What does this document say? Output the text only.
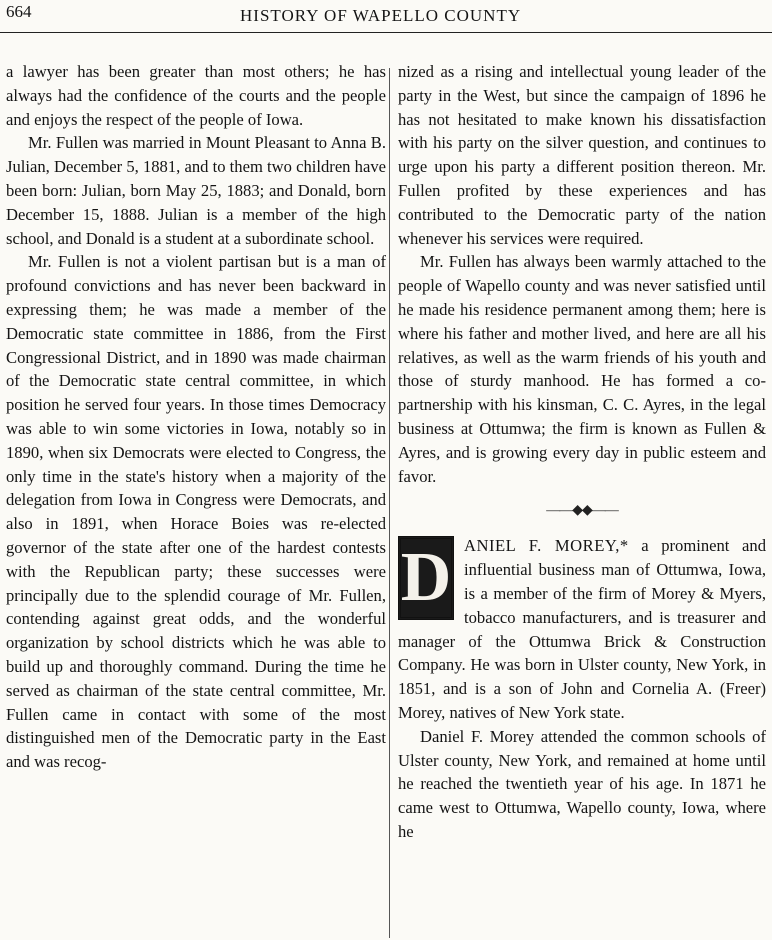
664	HISTORY OF WAPELLO COUNTY

a lawyer has been greater than most others; he has always had the confidence of the courts and the people and enjoys the respect of the people of Iowa.

Mr. Fullen was married in Mount Pleasant to Anna B. Julian, December 5, 1881, and to them two children have been born: Julian, born May 25, 1883; and Donald, born December 15, 1888. Julian is a member of the high school, and Donald is a student at a subordinate school.

Mr. Fullen is not a violent partisan but is a man of profound convictions and has never been backward in expressing them; he was made a member of the Democratic state committee in 1886, from the First Congressional District, and in 1890 was made chairman of the Democratic state central committee, in which position he served four years. In those times Democracy was able to win some victories in Iowa, notably so in 1890, when six Democrats were elected to Congress, the only time in the state's history when a majority of the delegation from Iowa in Congress were Democrats, and also in 1891, when Horace Boies was re-elected governor of the state after one of the hardest contests with the Republican party; these successes were principally due to the splendid courage of Mr. Fullen, contending against great odds, and the wonderful organization by school districts which he was able to build up and thoroughly command. During the time he served as chairman of the state central committee, Mr. Fullen came in contact with some of the most distinguished men of the Democratic party in the East and was recog-

nized as a rising and intellectual young leader of the party in the West, but since the campaign of 1896 he has not hesitated to make known his dissatisfaction with his party on the silver question, and continues to urge upon his party a different position thereon. Mr. Fullen profited by these experiences and has contributed to the Democratic party of the nation whenever his services were required.

Mr. Fullen has always been warmly attached to the people of Wapello county and was never satisfied until he made his residence permanent among them; here is where his father and mother lived, and here are all his relatives, as well as the warm friends of his youth and those of sturdy manhood. He has formed a co-partnership with his kinsman, C. C. Ayres, in the legal business at Ottumwa; the firm is known as Fullen & Ayres, and is growing every day in public esteem and favor.

——◆◆——

D ANIEL F. MOREY,* a prominent and influential business man of Ottumwa, Iowa, is a member of the firm of Morey & Myers, tobacco manufacturers, and is treasurer and manager of the Ottumwa Brick & Construction Company. He was born in Ulster county, New York, in 1851, and is a son of John and Cornelia A. (Freer) Morey, natives of New York state.

Daniel F. Morey attended the common schools of Ulster county, New York, and remained at home until he reached the twentieth year of his age. In 1871 he came west to Ottumwa, Wapello county, Iowa, where he
